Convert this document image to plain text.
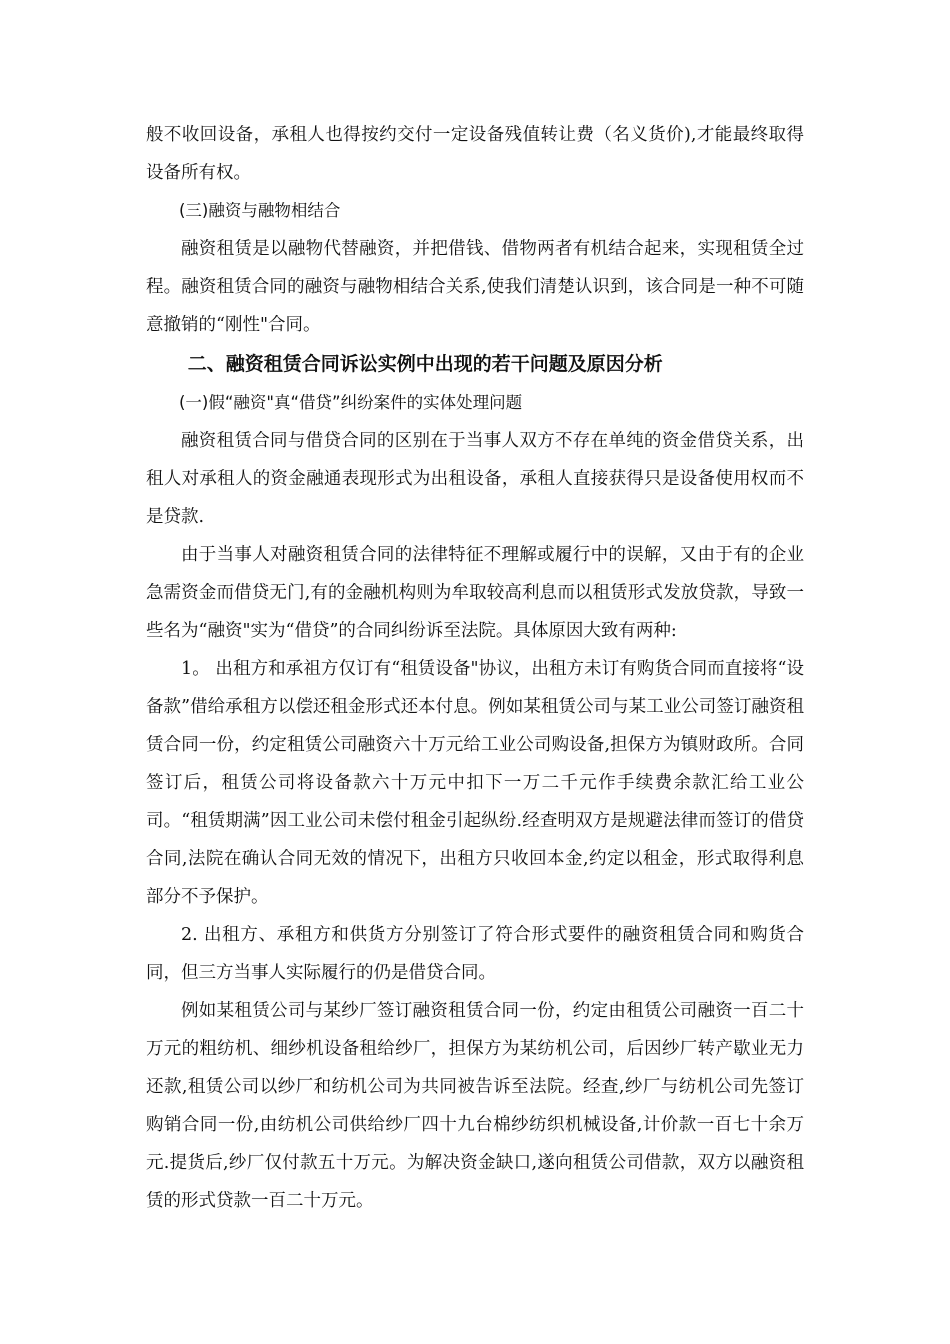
般不收回设备，承租人也得按约交付一定设备残值转让费（名义货价),才能最终取得设备所有权。

(三)融资与融物相结合

融资租赁是以融物代替融资，并把借钱、借物两者有机结合起来，实现租赁全过程。融资租赁合同的融资与融物相结合关系,使我们清楚认识到，该合同是一种不可随意撤销的“刚性"合同。

二、融资租赁合同诉讼实例中出现的若干问题及原因分析

(一)假“融资"真“借贷”纠纷案件的实体处理问题

融资租赁合同与借贷合同的区别在于当事人双方不存在单纯的资金借贷关系，出租人对承租人的资金融通表现形式为出租设备，承租人直接获得只是设备使用权而不是贷款.

由于当事人对融资租赁合同的法律特征不理解或履行中的误解，又由于有的企业急需资金而借贷无门,有的金融机构则为牟取较高利息而以租赁形式发放贷款，导致一些名为“融资"实为“借贷”的合同纠纷诉至法院。具体原因大致有两种:

1。 出租方和承祖方仅订有“租赁设备"协议，出租方未订有购货合同而直接将“设备款”借给承租方以偿还租金形式还本付息。例如某租赁公司与某工业公司签订融资租赁合同一份，约定租赁公司融资六十万元给工业公司购设备,担保方为镇财政所。合同签订后，租赁公司将设备款六十万元中扣下一万二千元作手续费余款汇给工业公司。“租赁期满”因工业公司未偿付租金引起纵纷.经查明双方是规避法律而签订的借贷合同,法院在确认合同无效的情况下，出租方只收回本金,约定以租金，形式取得利息部分不予保护。

2. 出租方、承租方和供货方分别签订了符合形式要件的融资租赁合同和购货合同，但三方当事人实际履行的仍是借贷合同。

例如某租赁公司与某纱厂签订融资租赁合同一份，约定由租赁公司融资一百二十万元的粗纺机、细纱机设备租给纱厂，担保方为某纺机公司，后因纱厂转产歇业无力还款,租赁公司以纱厂和纺机公司为共同被告诉至法院。经查,纱厂与纺机公司先签订购销合同一份,由纺机公司供给纱厂四十九台棉纱纺织机械设备,计价款一百七十余万元.提货后,纱厂仅付款五十万元。为解决资金缺口,遂向租赁公司借款，双方以融资租赁的形式贷款一百二十万元。
